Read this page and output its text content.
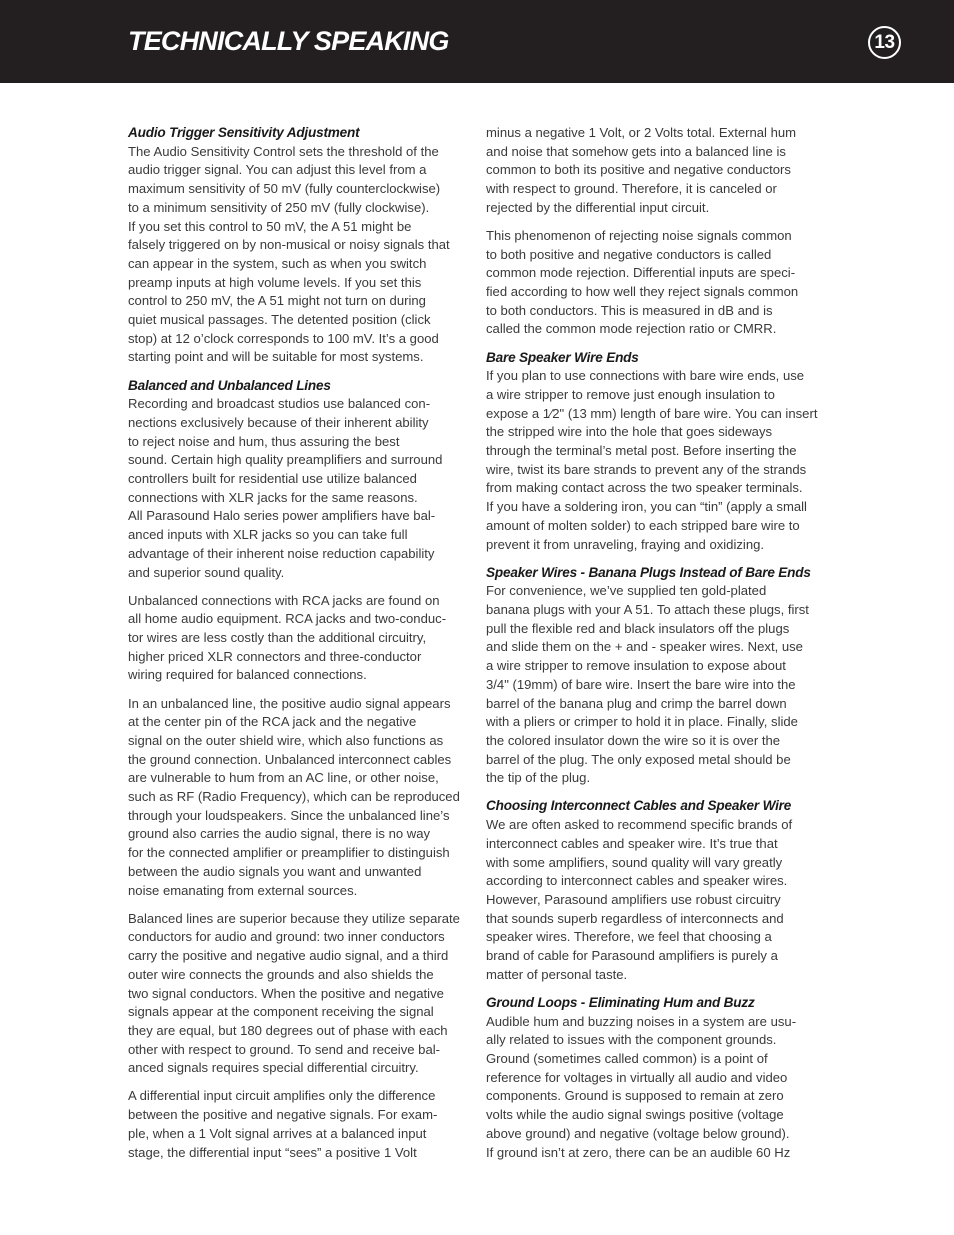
TECHNICALLY SPEAKING	13
Audio Trigger Sensitivity Adjustment

The Audio Sensitivity Control sets the threshold of the
audio trigger signal. You can adjust this level from a
maximum sensitivity of 50 mV (fully counterclockwise)
to a minimum sensitivity of 250 mV (fully clockwise).
If you set this control to 50 mV, the A 51 might be
falsely triggered on by non-musical or noisy signals that
can appear in the system, such as when you switch
preamp inputs at high volume levels. If you set this
control to 250 mV, the A 51 might not turn on during
quiet musical passages. The detented position (click
stop) at 12 o’clock corresponds to 100 mV. It’s a good
starting point and will be suitable for most systems.

Balanced and Unbalanced Lines

Recording and broadcast studios use balanced con-
nections exclusively because of their inherent ability
to reject noise and hum, thus assuring the best
sound. Certain high quality preamplifiers and surround
controllers built for residential use utilize balanced
connections with XLR jacks for the same reasons.
All Parasound Halo series power amplifiers have bal-
anced inputs with XLR jacks so you can take full
advantage of their inherent noise reduction capability
and superior sound quality.

Unbalanced connections with RCA jacks are found on
all home audio equipment. RCA jacks and two-conduc-
tor wires are less costly than the additional circuitry,
higher priced XLR connectors and three-conductor
wiring required for balanced connections.

In an unbalanced line, the positive audio signal appears
at the center pin of the RCA jack and the negative
signal on the outer shield wire, which also functions as
the ground connection. Unbalanced interconnect cables
are vulnerable to hum from an AC line, or other noise,
such as RF (Radio Frequency), which can be reproduced
through your loudspeakers. Since the unbalanced line’s
ground also carries the audio signal, there is no way
for the connected amplifier or preamplifier to distinguish
between the audio signals you want and unwanted
noise emanating from external sources.

Balanced lines are superior because they utilize separate
conductors for audio and ground: two inner conductors
carry the positive and negative audio signal, and a third
outer wire connects the grounds and also shields the
two signal conductors. When the positive and negative
signals appear at the component receiving the signal
they are equal, but 180 degrees out of phase with each
other with respect to ground. To send and receive bal-
anced signals requires special differential circuitry.

A differential input circuit amplifies only the difference
between the positive and negative signals. For exam-
ple, when a 1 Volt signal arrives at a balanced input
stage, the differential input “sees” a positive 1 Volt

minus a negative 1 Volt, or 2 Volts total. External hum
and noise that somehow gets into a balanced line is
common to both its positive and negative conductors
with respect to ground. Therefore, it is canceled or
rejected by the differential input circuit.

This phenomenon of rejecting noise signals common
to both positive and negative conductors is called
common mode rejection. Differential inputs are speci-
fied according to how well they reject signals common
to both conductors. This is measured in dB and is
called the common mode rejection ratio or CMRR.

Bare Speaker Wire Ends

If you plan to use connections with bare wire ends, use
a wire stripper to remove just enough insulation to
expose a 1⁄2" (13 mm) length of bare wire. You can insert
the stripped wire into the hole that goes sideways
through the terminal’s metal post. Before inserting the
wire, twist its bare strands to prevent any of the strands
from making contact across the two speaker terminals.
If you have a soldering iron, you can “tin” (apply a small
amount of molten solder) to each stripped bare wire to
prevent it from unraveling, fraying and oxidizing.

Speaker Wires - Banana Plugs Instead of Bare Ends

For convenience, we’ve supplied ten gold-plated
banana plugs with your A 51. To attach these plugs, first
pull the flexible red and black insulators off the plugs
and slide them on the + and - speaker wires. Next, use
a wire stripper to remove insulation to expose about
3/4" (19mm) of bare wire. Insert the bare wire into the
barrel of the banana plug and crimp the barrel down
with a pliers or crimper to hold it in place. Finally, slide
the colored insulator down the wire so it is over the
barrel of the plug. The only exposed metal should be
the tip of the plug.

Choosing Interconnect Cables and Speaker Wire

We are often asked to recommend specific brands of
interconnect cables and speaker wire. It’s true that
with some amplifiers, sound quality will vary greatly
according to interconnect cables and speaker wires.
However, Parasound amplifiers use robust circuitry
that sounds superb regardless of interconnects and
speaker wires. Therefore, we feel that choosing a
brand of cable for Parasound amplifiers is purely a
matter of personal taste.

Ground Loops - Eliminating Hum and Buzz

Audible hum and buzzing noises in a system are usu-
ally related to issues with the component grounds.
Ground (sometimes called common) is a point of
reference for voltages in virtually all audio and video
components. Ground is supposed to remain at zero
volts while the audio signal swings positive (voltage
above ground) and negative (voltage below ground).
If ground isn’t at zero, there can be an audible 60 Hz
